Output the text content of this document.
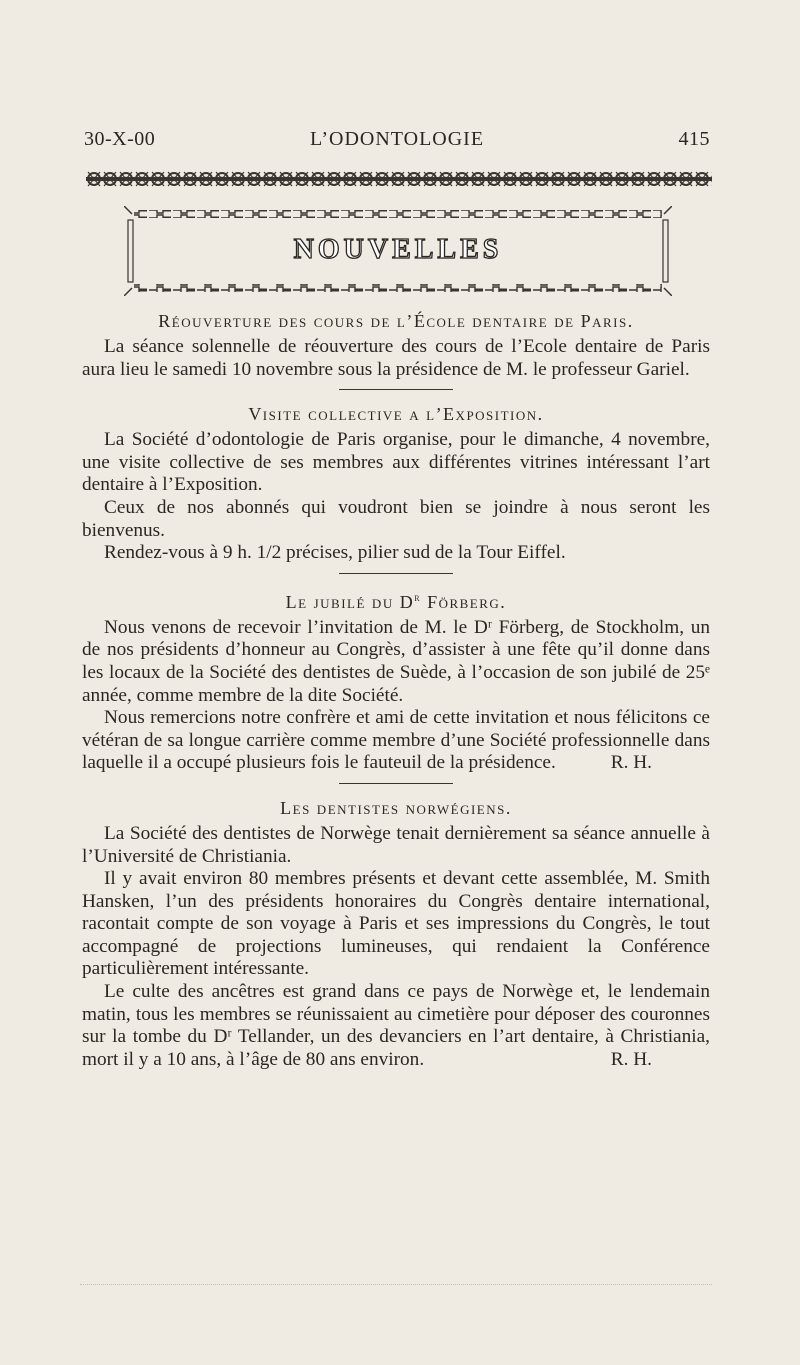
30-X-00	L’ODONTOLOGIE	415
NOUVELLES
Réouverture des cours de l’École dentaire de Paris.

La séance solennelle de réouverture des cours de l’Ecole dentaire de Paris aura lieu le samedi 10 novembre sous la présidence de M. le professeur Gariel.

Visite collective a l’Exposition.

La Société d’odontologie de Paris organise, pour le dimanche, 4 novembre, une visite collective de ses membres aux différentes vitrines intéressant l’art dentaire à l’Exposition.

Ceux de nos abonnés qui voudront bien se joindre à nous seront les bienvenus.

Rendez-vous à 9 h. 1/2 précises, pilier sud de la Tour Eiffel.

Le jubilé du $D^r$ Förberg.

Nous venons de recevoir l’invitation de M. le Dʳ Förberg, de Stockholm, un de nos présidents d’honneur au Congrès, d’assister à une fête qu’il donne dans les locaux de la Société des dentistes de Suède, à l’occasion de son jubilé de 25ᵉ année, comme membre de la dite Société.

Nous remercions notre confrère et ami de cette invitation et nous félicitons ce vétéran de sa longue carrière comme membre d’une Société professionnelle dans laquelle il a occupé plusieurs fois le fauteuil de la présidence.	R. H.

Les dentistes norwégiens.

La Société des dentistes de Norwège tenait dernièrement sa séance annuelle à l’Université de Christiania.

Il y avait environ 80 membres présents et devant cette assemblée, M. Smith Hansken, l’un des présidents honoraires du Congrès dentaire international, racontait compte de son voyage à Paris et ses impressions du Congrès, le tout accompagné de projections lumineuses, qui rendaient la Conférence particulièrement intéressante.

Le culte des ancêtres est grand dans ce pays de Norwège et, le lendemain matin, tous les membres se réunissaient au cimetière pour déposer des couronnes sur la tombe du Dʳ Tellander, un des devanciers en l’art dentaire, à Christiania, mort il y a 10 ans, à l’âge de 80 ans environ.	R. H.
